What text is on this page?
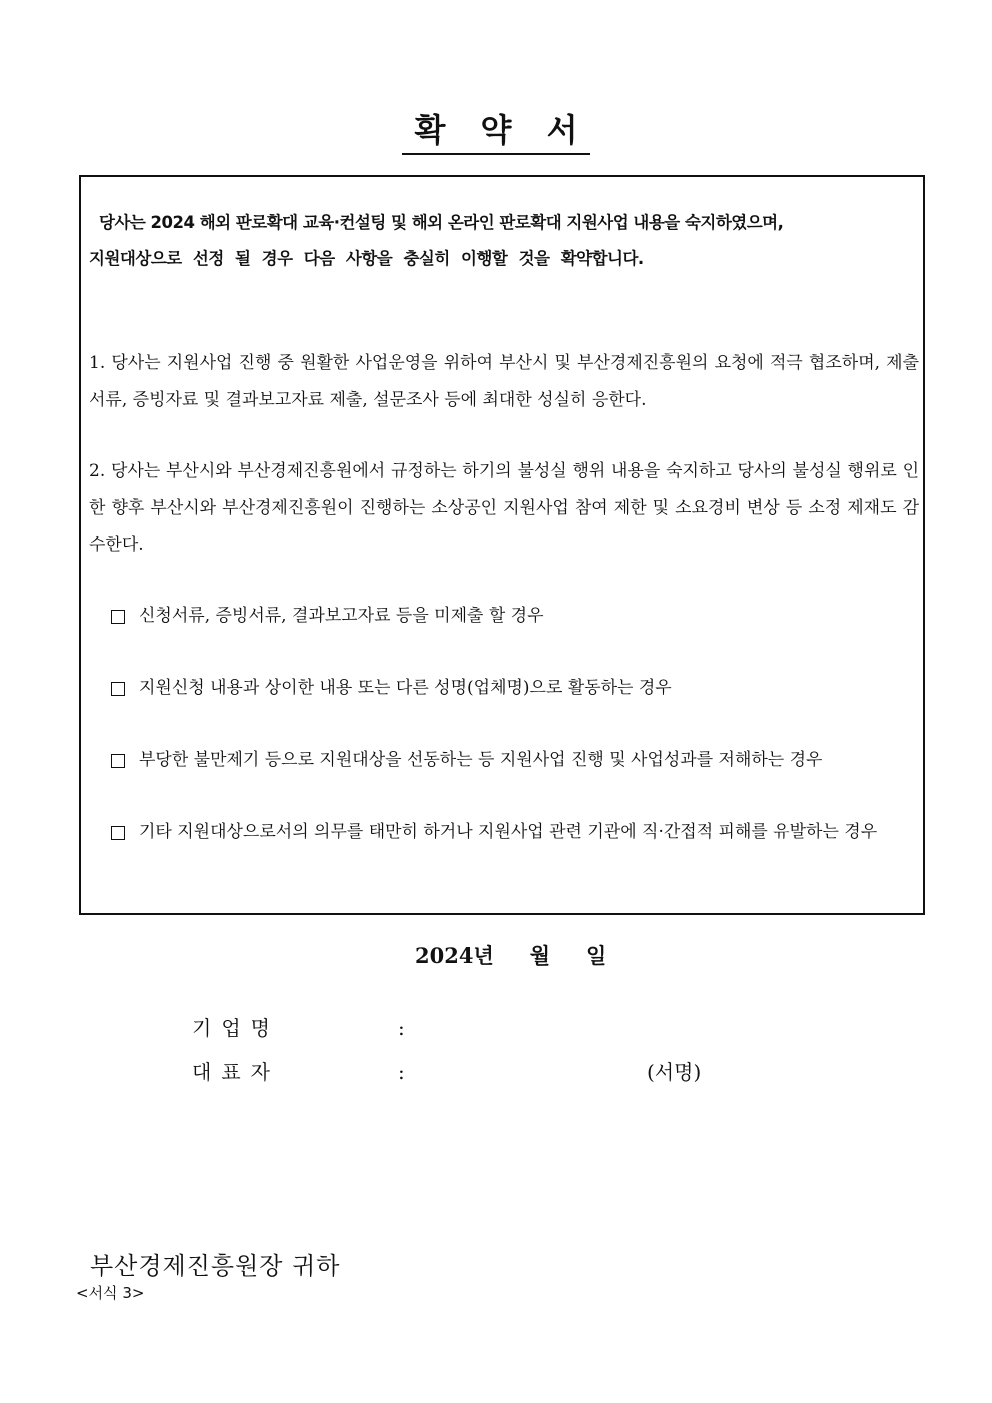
확 약 서
당사는 2024 해외 판로확대 교육·컨설팅 및 해외 온라인 판로확대 지원사업 내용을 숙지하였으며,
지원대상으로 선정 될 경우 다음 사항을 충실히 이행할 것을 확약합니다.
1. 당사는 지원사업 진행 중 원활한 사업운영을 위하여 부산시 및 부산경제진흥원의 요청에 적극 협조하며, 제출서류, 증빙자료 및 결과보고자료 제출, 설문조사 등에 최대한 성실히 응한다.
2. 당사는 부산시와 부산경제진흥원에서 규정하는 하기의 불성실 행위 내용을 숙지하고 당사의 불성실 행위로 인한 향후 부산시와 부산경제진흥원이 진행하는 소상공인 지원사업 참여 제한 및 소요경비 변상 등 소정 제재도 감수한다.
신청서류, 증빙서류, 결과보고자료 등을 미제출 할 경우
지원신청 내용과 상이한 내용 또는 다른 성명(업체명)으로 활동하는 경우
부당한 불만제기 등으로 지원대상을 선동하는 등 지원사업 진행 및 사업성과를 저해하는 경우
기타 지원대상으로서의 의무를 태만히 하거나 지원사업 관련 기관에 직·간접적 피해를 유발하는 경우
2024년 월 일
기업명	:
대표자	:	(서명)
부산경제진흥원장 귀하
<서식 3>
